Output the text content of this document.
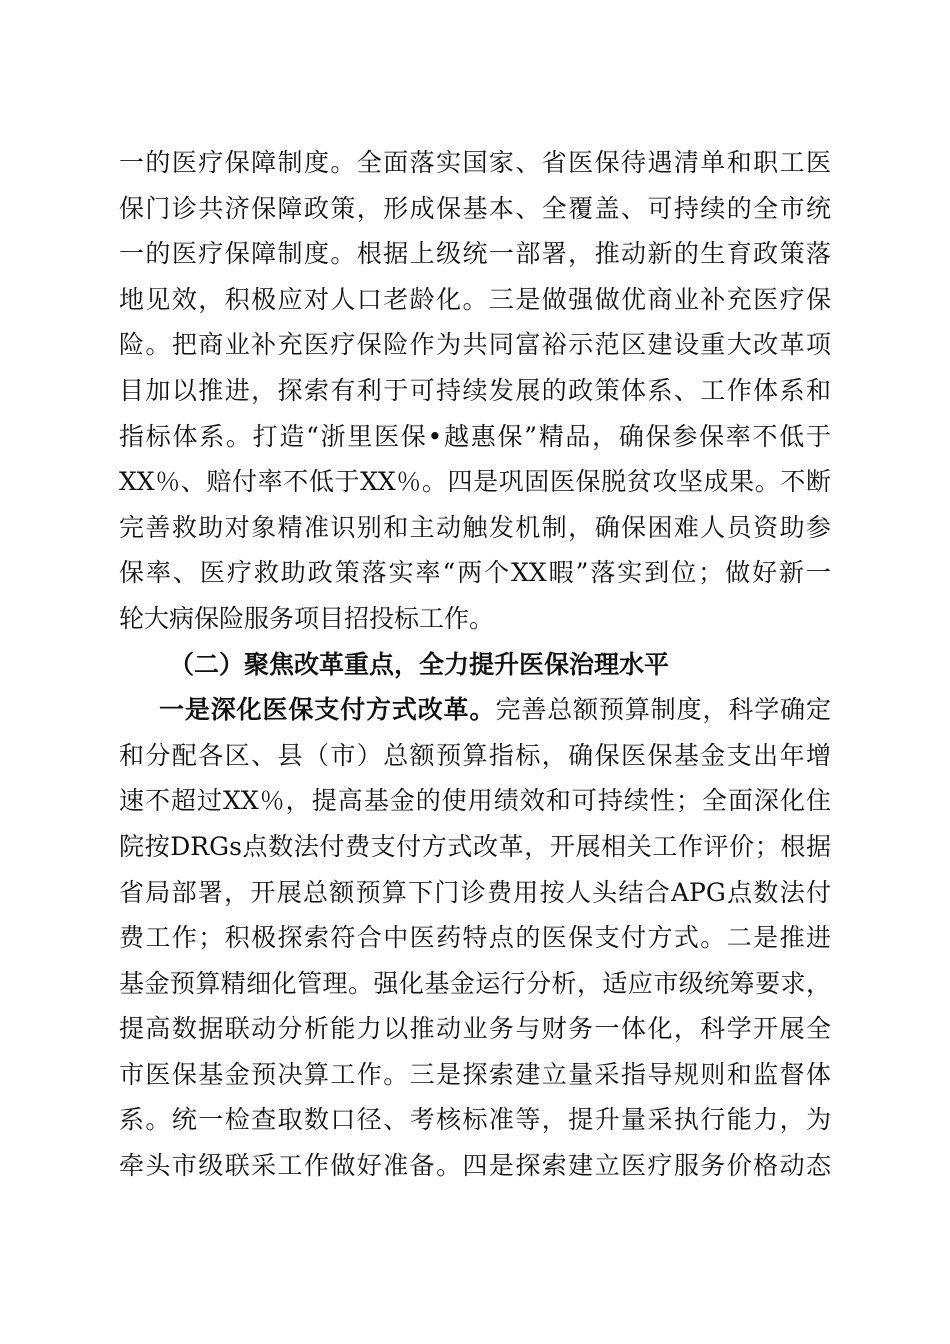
一的医疗保障制度。全面落实国家、省医保待遇清单和职工医
保门诊共济保障政策，形成保基本、全覆盖、可持续的全市统
一的医疗保障制度。根据上级统一部署，推动新的生育政策落
地见效，积极应对人口老龄化。三是做强做优商业补充医疗保
险。把商业补充医疗保险作为共同富裕示范区建设重大改革项
目加以推进，探索有利于可持续发展的政策体系、工作体系和
指标体系。打造“浙里医保•越惠保”精品，确保参保率不低于
XX％、赔付率不低于XX％。四是巩固医保脱贫攻坚成果。不断
完善救助对象精准识别和主动触发机制，确保困难人员资助参
保率、医疗救助政策落实率“两个XX暇”落实到位；做好新一
轮大病保险服务项目招投标工作。
（二）聚焦改革重点，全力提升医保治理水平
一是深化医保支付方式改革。完善总额预算制度，科学确定
和分配各区、县（市）总额预算指标，确保医保基金支出年增
速不超过XX％，提高基金的使用绩效和可持续性；全面深化住
院按DRGs点数法付费支付方式改革，开展相关工作评价；根据
省局部署，开展总额预算下门诊费用按人头结合APG点数法付
费工作；积极探索符合中医药特点的医保支付方式。二是推进
基金预算精细化管理。强化基金运行分析，适应市级统筹要求，
提高数据联动分析能力以推动业务与财务一体化，科学开展全
市医保基金预决算工作。三是探索建立量采指导规则和监督体
系。统一检查取数口径、考核标准等，提升量采执行能力，为
牵头市级联采工作做好准备。四是探索建立医疗服务价格动态
